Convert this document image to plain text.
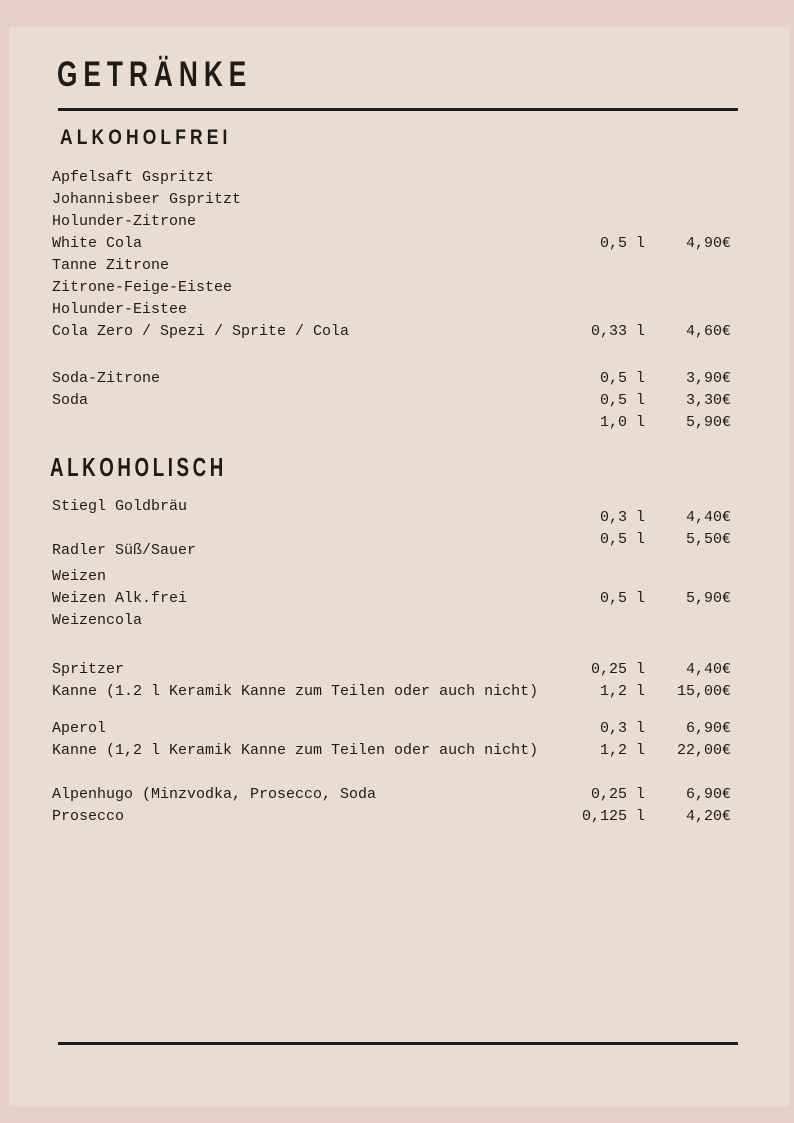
GETRÄNKE
ALKOHOLFREI
Apfelsaft Gspritzt
Johannisbeer Gspritzt
Holunder-Zitrone
White Cola	0,5 l	4,90€
Tanne Zitrone
Zitrone-Feige-Eistee
Holunder-Eistee
Cola Zero / Spezi / Sprite / Cola	0,33 l	4,60€
Soda-Zitrone	0,5 l	3,90€
Soda	0,5 l	3,30€
1,0 l	5,90€
ALKOHOLISCH
Stiegl Goldbräu
0,3 l	4,40€
0,5 l	5,50€
Radler Süß/Sauer
Weizen
Weizen Alk.frei	0,5 l	5,90€
Weizencola
Spritzer	0,25 l	4,40€
Kanne (1.2 l Keramik Kanne zum Teilen oder auch nicht)	1,2 l	15,00€
Aperol	0,3 l	6,90€
Kanne (1,2 l Keramik Kanne zum Teilen oder auch nicht)	1,2 l	22,00€
Alpenhugo (Minzvodka, Prosecco, Soda	0,25 l	6,90€
Prosecco	0,125 l	4,20€
